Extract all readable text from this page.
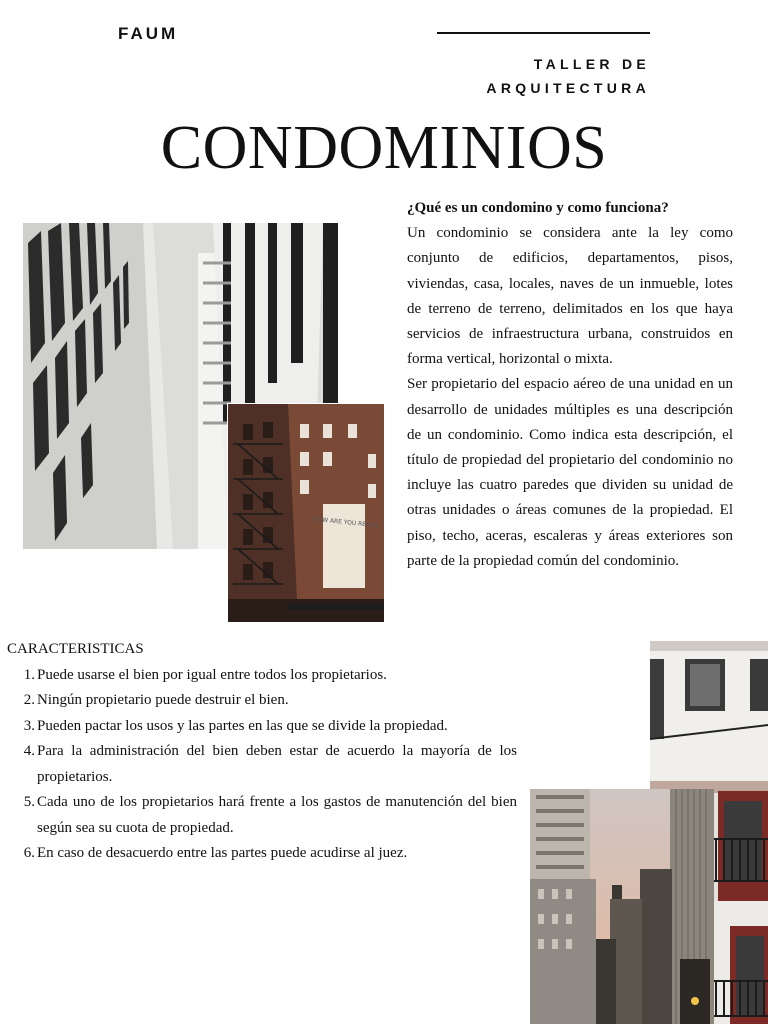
FAUM
TALLER DE
ARQUITECTURA
CONDOMINIOS
HOW ARE YOU REALLY

¿Qué es un condomino y como funciona?

Un condominio se considera ante la ley como conjunto de edificios, departamentos, pisos, viviendas, casa, locales, naves de un inmueble, lotes de terreno de terreno, delimitados en los que haya servicios de infraestructura urbana, construidos en forma vertical, horizontal o mixta.

Ser propietario del espacio aéreo de una unidad en un desarrollo de unidades múltiples es una descripción de un condominio. Como indica esta descripción, el título de propiedad del propietario del condominio no incluye las cuatro paredes que dividen su unidad de otras unidades o áreas comunes de la propiedad. El piso, techo, aceras, escaleras y áreas exteriores son parte de la propiedad común del condominio.

CARACTERISTICAS

1. Puede usarse el bien por igual entre todos los propietarios.
2. Ningún propietario puede destruir el bien.
3. Pueden pactar los usos y las partes en las que se divide la propiedad.
4. Para la administración del bien deben estar de acuerdo la mayoría de los propietarios.
5. Cada uno de los propietarios hará frente a los gastos de manutención del bien según sea su cuota de propiedad.
6. En caso de desacuerdo entre las partes puede acudirse al juez.
